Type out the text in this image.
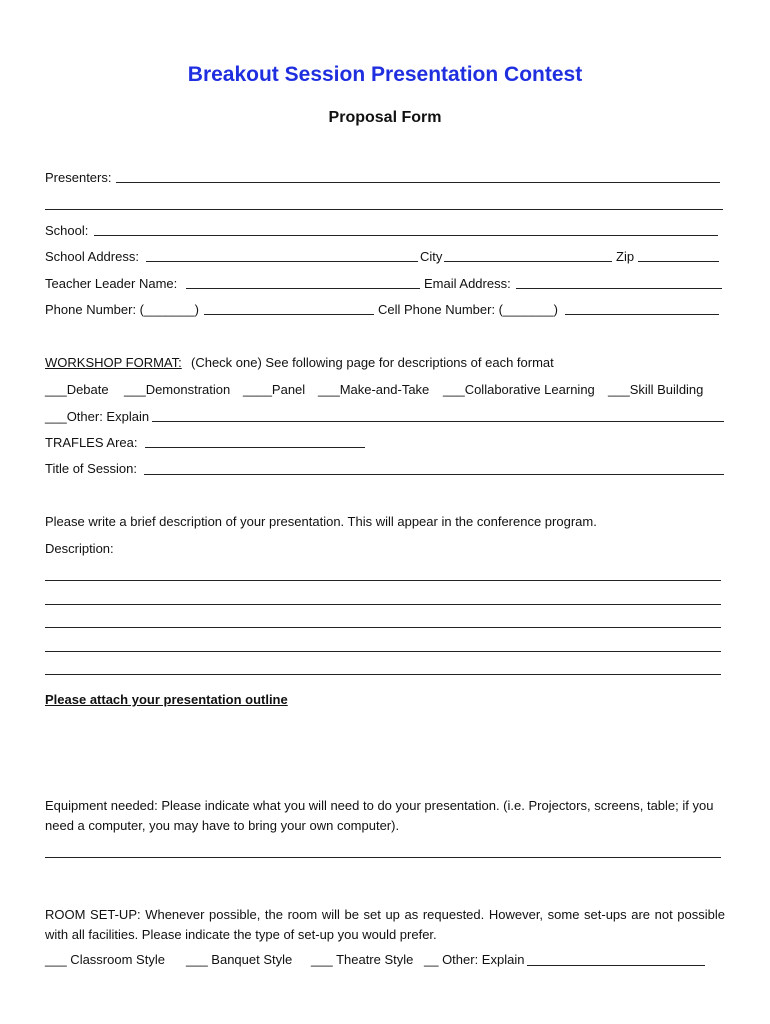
Breakout Session Presentation Contest
Proposal Form
Presenters:
School:
School Address:	City	Zip
Teacher Leader Name:	Email Address:
Phone Number: (_______)	Cell Phone Number: (_______)
WORKSHOP FORMAT: (Check one) See following page for descriptions of each format
___Debate ___Demonstration ____Panel ___Make-and-Take ___Collaborative Learning ___Skill Building
___Other: Explain
TRAFLES Area:
Title of Session:
Please write a brief description of your presentation. This will appear in the conference program.
Description:
Please attach your presentation outline
Equipment needed: Please indicate what you will need to do your presentation. (i.e. Projectors, screens, table; if you need a computer, you may have to bring your own computer).
ROOM SET-UP: Whenever possible, the room will be set up as requested. However, some set-ups are not possible with all facilities. Please indicate the type of set-up you would prefer.
___ Classroom Style ___ Banquet Style ___ Theatre Style __ Other: Explain
